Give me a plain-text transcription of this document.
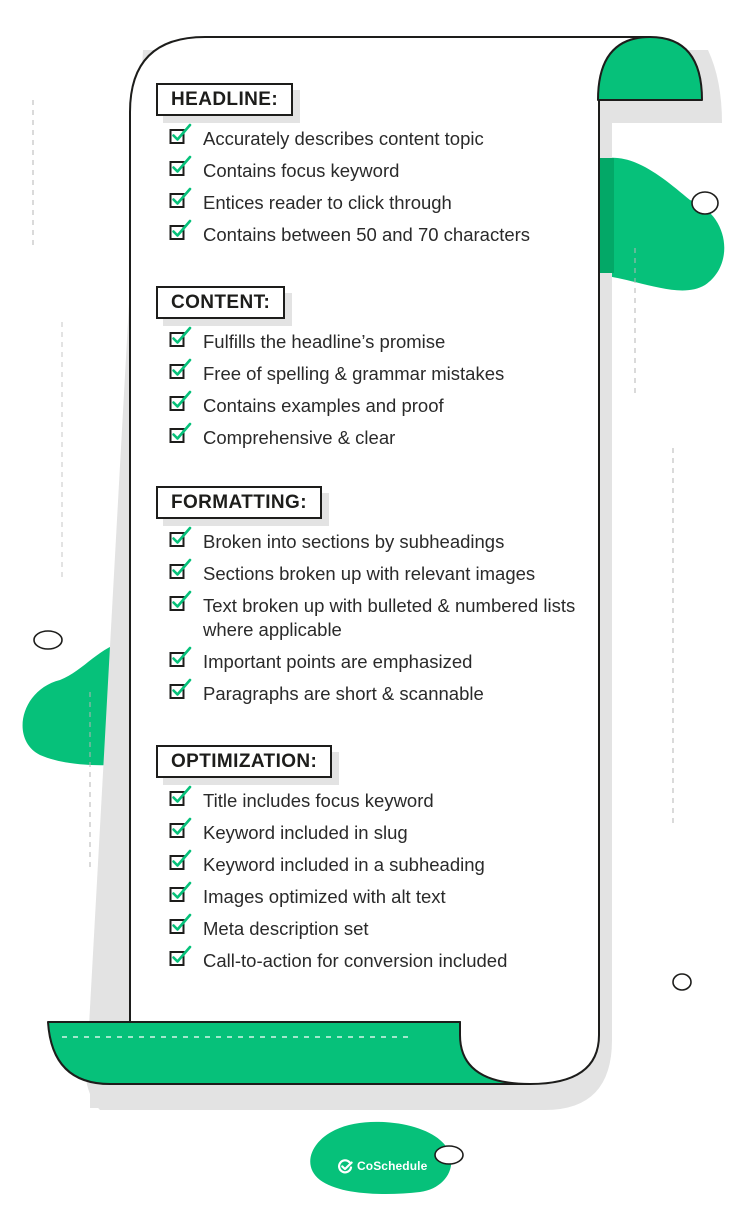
HEADLINE:
Accurately describes content topic
Contains focus keyword
Entices reader to click through
Contains between 50 and 70 characters
CONTENT:
Fulfills the headline’s promise
Free of spelling & grammar mistakes
Contains examples and proof
Comprehensive & clear
FORMATTING:
Broken into sections by subheadings
Sections broken up with relevant images
Text broken up with bulleted & numbered lists where applicable
Important points are emphasized
Paragraphs are short & scannable
OPTIMIZATION:
Title includes focus keyword
Keyword included in slug
Keyword included in a subheading
Images optimized with alt text
Meta description set
Call-to-action for conversion included
CoSchedule
